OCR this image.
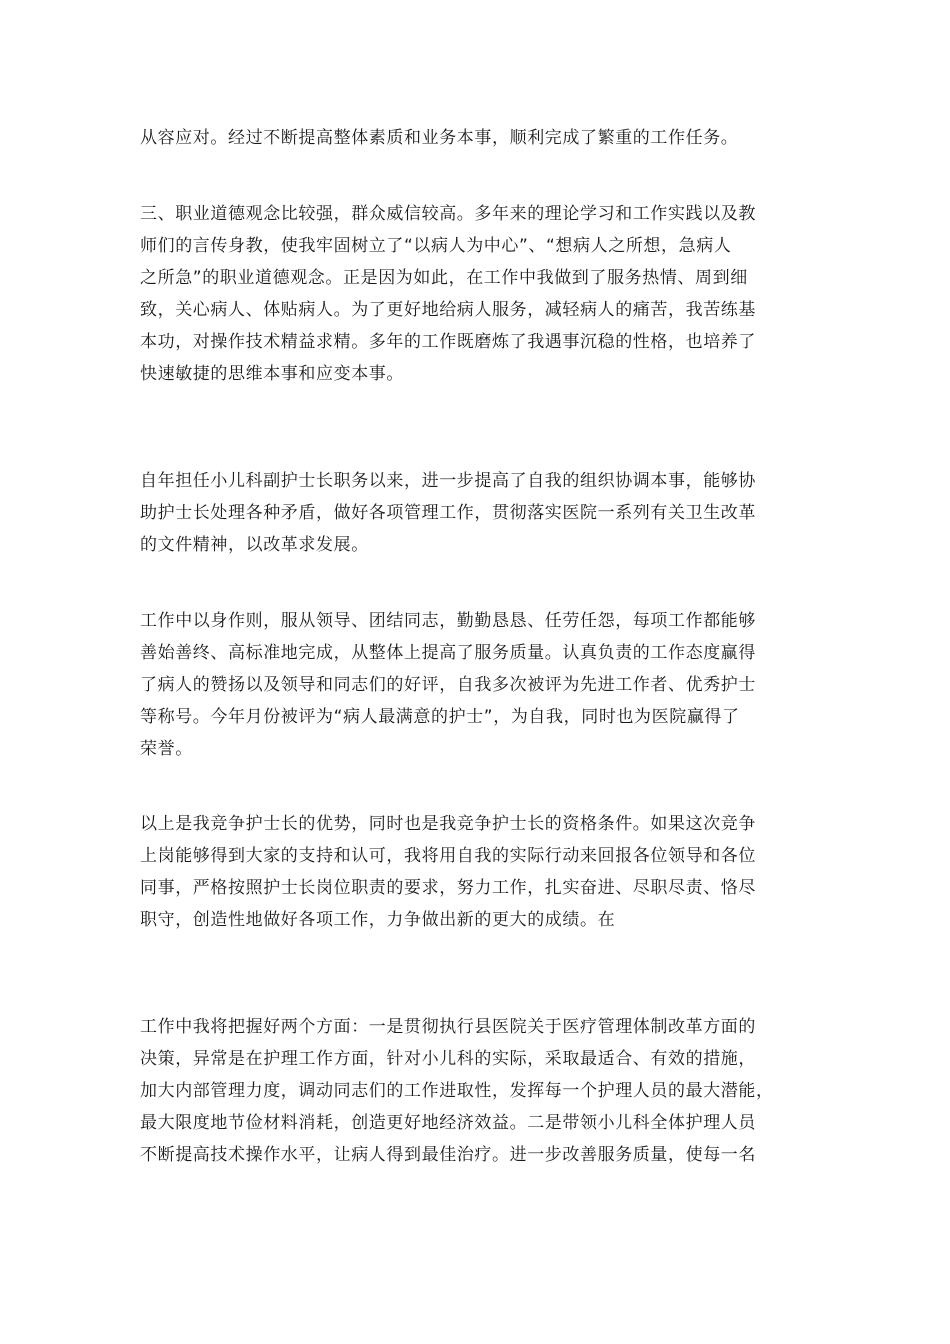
从容应对。经过不断提高整体素质和业务本事，顺利完成了繁重的工作任务。

三、职业道德观念比较强，群众威信较高。多年来的理论学习和工作实践以及教
师们的言传身教，使我牢固树立了“以病人为中心”、“想病人之所想，急病人
之所急”的职业道德观念。正是因为如此，在工作中我做到了服务热情、周到细
致，关心病人、体贴病人。为了更好地给病人服务，减轻病人的痛苦，我苦练基
本功，对操作技术精益求精。多年的工作既磨炼了我遇事沉稳的性格，也培养了
快速敏捷的思维本事和应变本事。

自年担任小儿科副护士长职务以来，进一步提高了自我的组织协调本事，能够协
助护士长处理各种矛盾，做好各项管理工作，贯彻落实医院一系列有关卫生改革
的文件精神，以改革求发展。

工作中以身作则，服从领导、团结同志，勤勤恳恳、任劳任怨，每项工作都能够
善始善终、高标准地完成，从整体上提高了服务质量。认真负责的工作态度赢得
了病人的赞扬以及领导和同志们的好评，自我多次被评为先进工作者、优秀护士
等称号。今年月份被评为“病人最满意的护士”，为自我，同时也为医院赢得了
荣誉。

以上是我竞争护士长的优势，同时也是我竞争护士长的资格条件。如果这次竞争
上岗能够得到大家的支持和认可，我将用自我的实际行动来回报各位领导和各位
同事，严格按照护士长岗位职责的要求，努力工作，扎实奋进、尽职尽责、恪尽
职守，创造性地做好各项工作，力争做出新的更大的成绩。在

工作中我将把握好两个方面：一是贯彻执行县医院关于医疗管理体制改革方面的
决策，异常是在护理工作方面，针对小儿科的实际，采取最适合、有效的措施，
加大内部管理力度，调动同志们的工作进取性，发挥每一个护理人员的最大潜能，
最大限度地节俭材料消耗，创造更好地经济效益。二是带领小儿科全体护理人员
不断提高技术操作水平，让病人得到最佳治疗。进一步改善服务质量，使每一名
